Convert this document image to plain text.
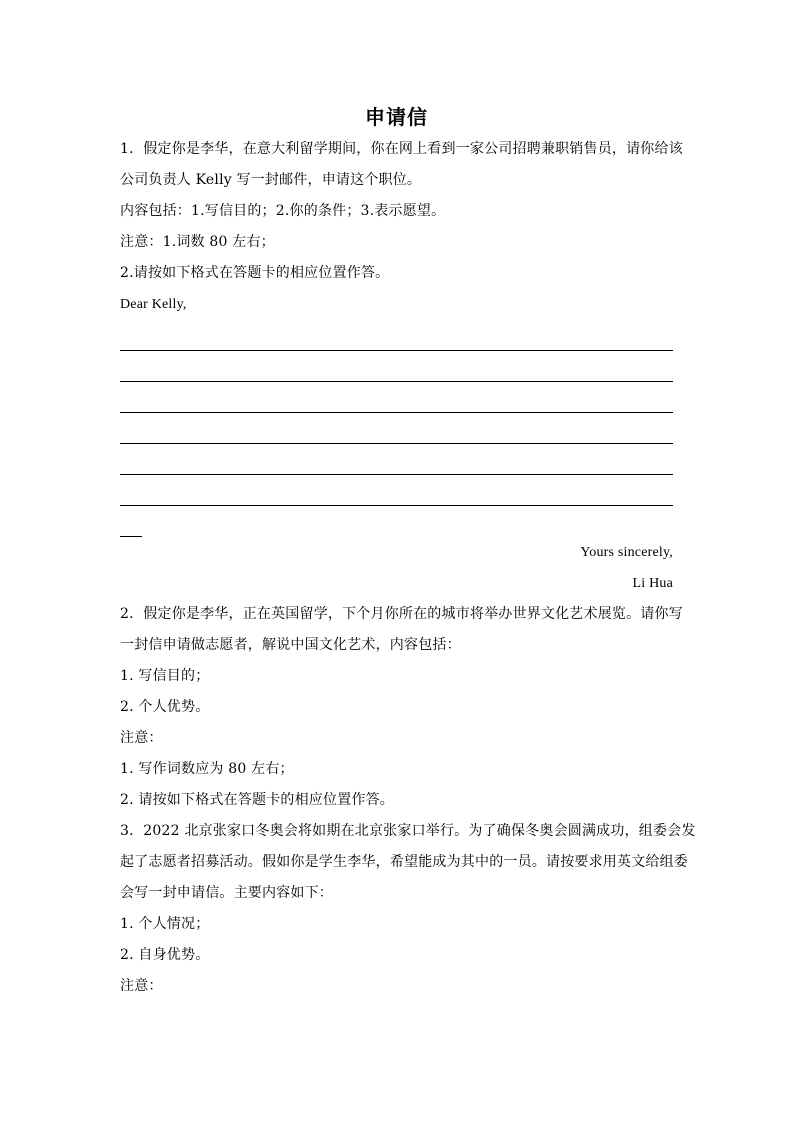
申请信
1．假定你是李华，在意大利留学期间，你在网上看到一家公司招聘兼职销售员，请你给该
公司负责人 Kelly 写一封邮件，申请这个职位。
内容包括：1.写信目的；2.你的条件；3.表示愿望。
注意：1.词数 80 左右；
2.请按如下格式在答题卡的相应位置作答。
Dear Kelly,
Yours sincerely,
Li Hua
2．假定你是李华，正在英国留学，下个月你所在的城市将举办世界文化艺术展览。请你写
一封信申请做志愿者，解说中国文化艺术，内容包括：
1. 写信目的；
2. 个人优势。
注意：
1. 写作词数应为 80 左右；
2. 请按如下格式在答题卡的相应位置作答。
3．2022 北京张家口冬奥会将如期在北京张家口举行。为了确保冬奥会圆满成功，组委会发
起了志愿者招募活动。假如你是学生李华，希望能成为其中的一员。请按要求用英文给组委
会写一封申请信。主要内容如下：
1. 个人情况；
2. 自身优势。
注意：
